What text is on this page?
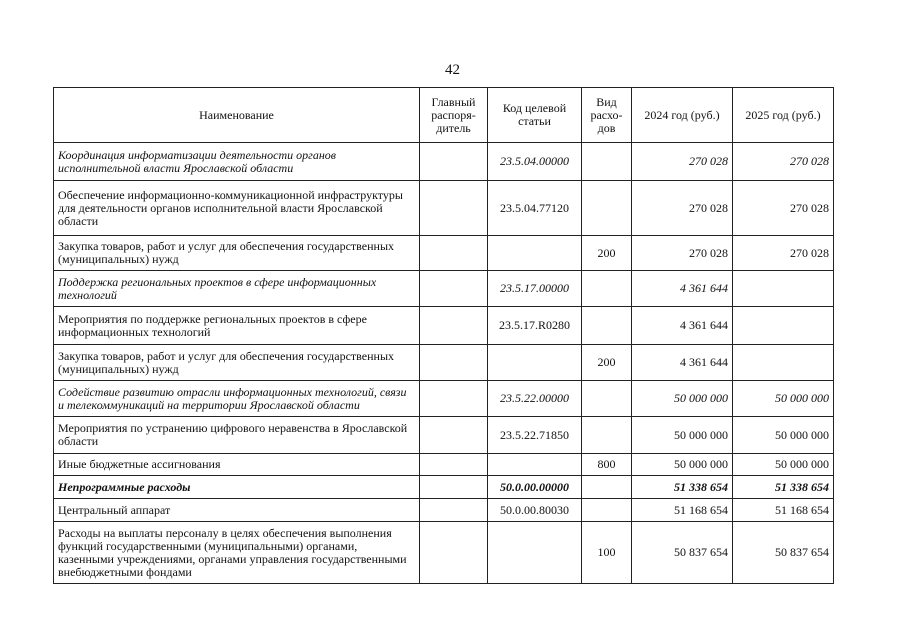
42
Наименование	Главный распоря-дитель	Код целевой статьи	Вид расхо-дов	2024 год (руб.)	2025 год (руб.)
Координация информатизации деятельности органов исполнительной власти Ярославской области		23.5.04.00000		270 028	270 028
Обеспечение информационно-коммуникационной инфраструктуры для деятельности органов исполнительной власти Ярославской области		23.5.04.77120		270 028	270 028
Закупка товаров, работ и услуг для обеспечения государственных (муниципальных) нужд			200	270 028	270 028
Поддержка региональных проектов в сфере информационных технологий		23.5.17.00000		4 361 644	
Мероприятия по поддержке региональных проектов в сфере информационных технологий		23.5.17.R0280		4 361 644	
Закупка товаров, работ и услуг для обеспечения государственных (муниципальных) нужд			200	4 361 644	
Содействие развитию отрасли информационных технологий, связи и телекоммуникаций на территории Ярославской области		23.5.22.00000		50 000 000	50 000 000
Мероприятия по устранению цифрового неравенства в Ярославской области		23.5.22.71850		50 000 000	50 000 000
Иные бюджетные ассигнования			800	50 000 000	50 000 000
Непрограммные расходы		50.0.00.00000		51 338 654	51 338 654
Центральный аппарат		50.0.00.80030		51 168 654	51 168 654
Расходы на выплаты персоналу в целях обеспечения выполнения функций государственными (муниципальными) органами, казенными учреждениями, органами управления государственными внебюджетными фондами			100	50 837 654	50 837 654
